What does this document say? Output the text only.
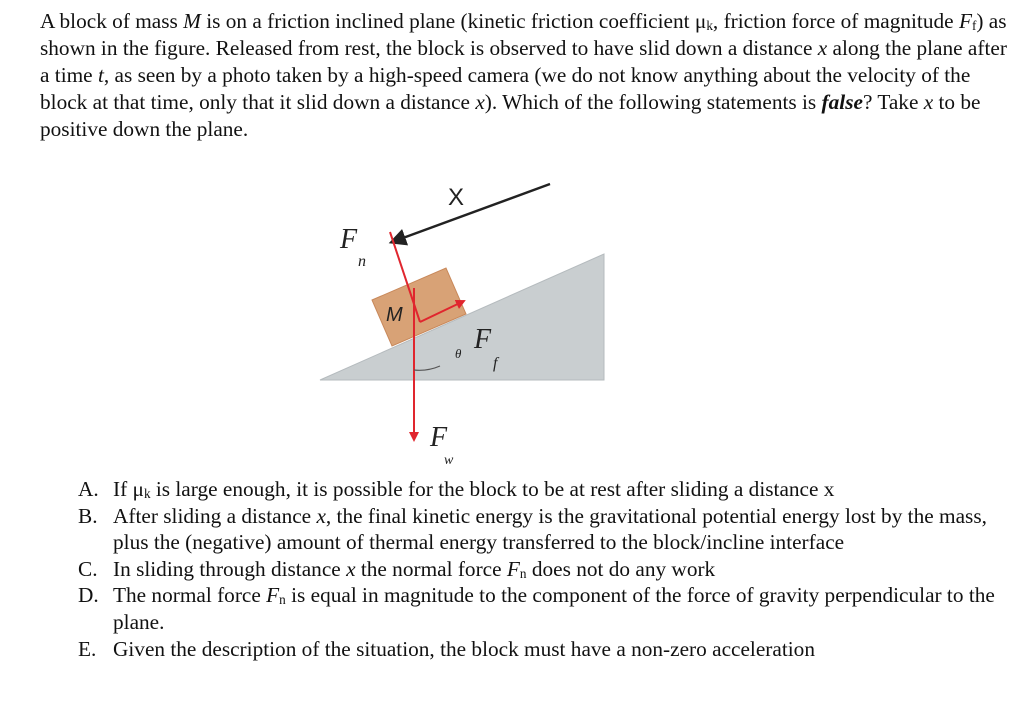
A block of mass M is on a friction inclined plane (kinetic friction coefficient $\mu_k$, friction force of magnitude $F_f$) as shown in the figure. Released from rest, the block is observed to have slid down a distance x along the plane after a time t, as seen by a photo taken by a high-speed camera (we do not know anything about the velocity of the block at that time, only that it slid down a distance x). Which of the following statements is false? Take x to be positive down the plane.

X
M
θ
F
n
F
f
F
w
A. If $\mu_k$ is large enough, it is possible for the block to be at rest after sliding a distance x
B. After sliding a distance x, the final kinetic energy is the gravitational potential energy lost by the mass, plus the (negative) amount of thermal energy transferred to the block/incline interface
C. In sliding through distance x the normal force $F_n$ does not do any work
D. The normal force $F_n$ is equal in magnitude to the component of the force of gravity perpendicular to the plane.
E. Given the description of the situation, the block must have a non-zero acceleration
